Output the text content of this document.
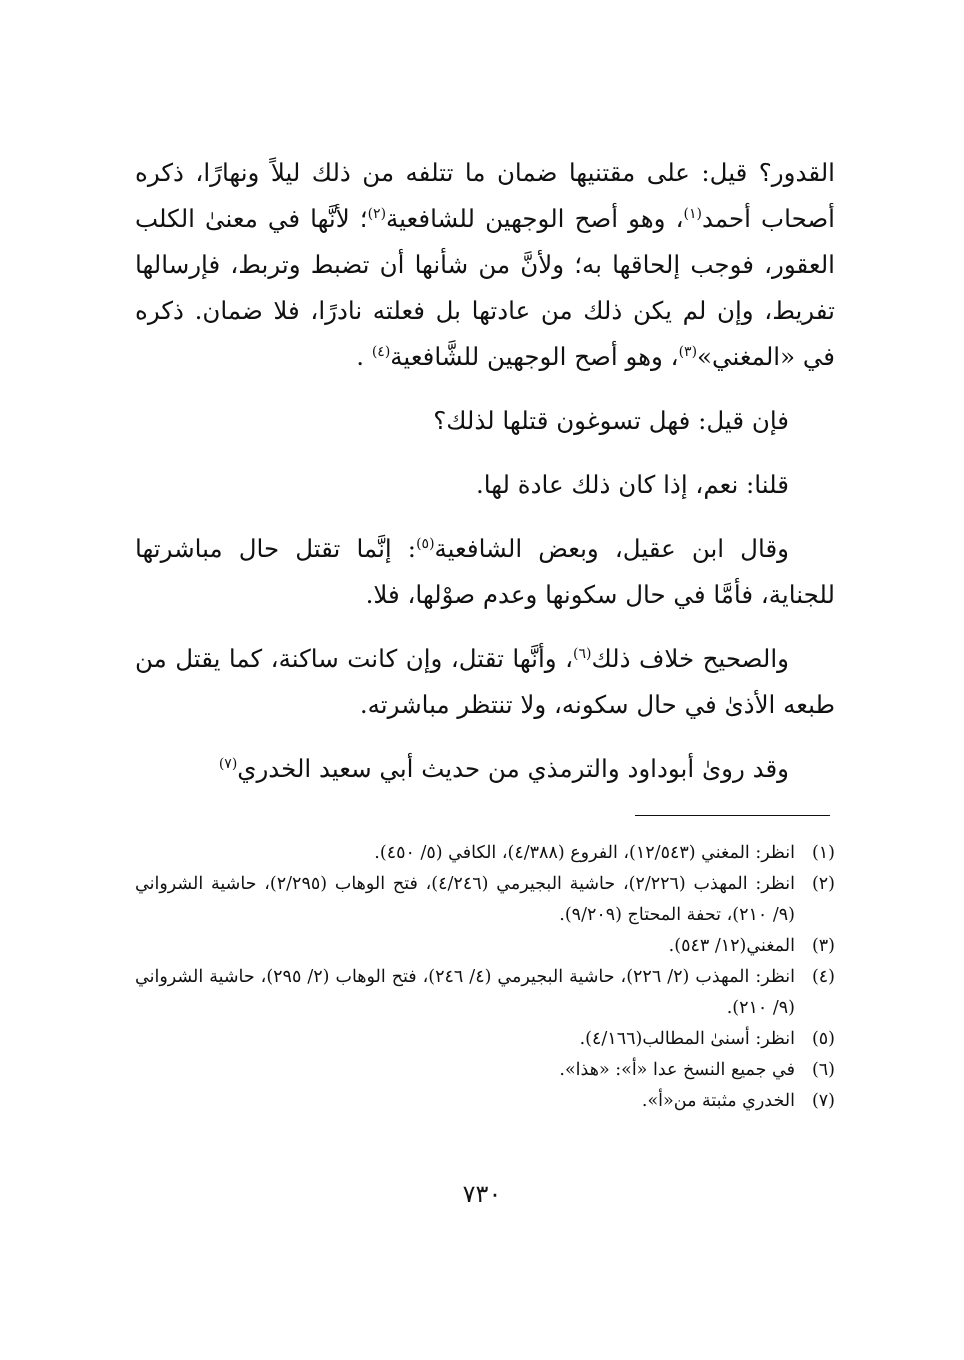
القدور؟ قيل: على مقتنيها ضمان ما تتلفه من ذلك ليلاً ونهارًا، ذكره أصحاب أحمد$^{(١)}$، وهو أصح الوجهين للشافعية$^{(٢)}$؛ لأنَّها في معنىٰ الكلب العقور، فوجب إلحاقها به؛ ولأنَّ من شأنها أن تضبط وتربط، فإرسالها تفريط، وإن لم يكن ذلك من عادتها بل فعلته نادرًا، فلا ضمان. ذكره في «المغني»$^{(٣)}$، وهو أصح الوجهين للشَّافعية$^{(٤)}$ .

فإن قيل: فهل تسوغون قتلها لذلك؟

قلنا: نعم، إذا كان ذلك عادة لها.

وقال ابن عقيل، وبعض الشافعية$^{(٥)}$: إنَّما تقتل حال مباشرتها للجناية، فأمَّا في حال سكونها وعدم صوْلها، فلا.

والصحيح خلاف ذلك$^{(٦)}$، وأنَّها تقتل، وإن كانت ساكنة، كما يقتل من طبعه الأذىٰ في حال سكونه، ولا تنتظر مباشرته.

وقد روىٰ أبوداود والترمذي من حديث أبي سعيد الخدري$^{(٧)}$

(١)
انظر: المغني (١٢/٥٤٣)، الفروع (٤/٣٨٨)، الكافي (٥/ ٤٥٠).
(٢)
انظر: المهذب (٢/٢٢٦)، حاشية البجيرمي (٤/٢٤٦)، فتح الوهاب (٢/٢٩٥)، حاشية الشرواني (٩/ ٢١٠)، تحفة المحتاج (٩/٢٠٩).
(٣)
المغني(١٢/ ٥٤٣).
(٤)
انظر: المهذب (٢/ ٢٢٦)، حاشية البجيرمي (٤/ ٢٤٦)، فتح الوهاب (٢/ ٢٩٥)، حاشية الشرواني (٩/ ٢١٠).
(٥)
انظر: أسنىٰ المطالب(٤/١٦٦).
(٦)
في جميع النسخ عدا «أ»: «هذا».
(٧)
الخدري مثبتة من«أ».
٧٣٠
